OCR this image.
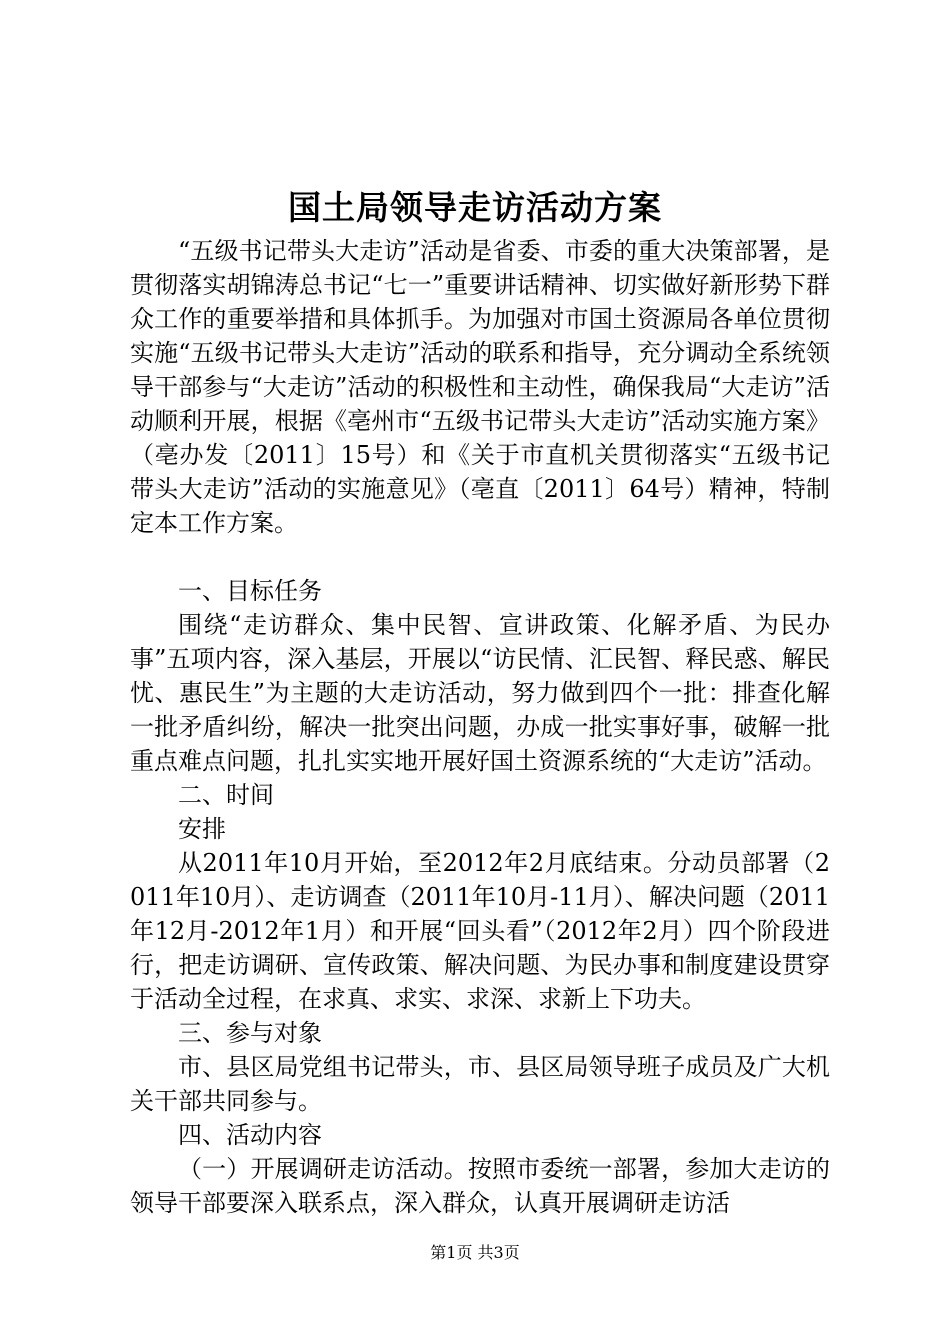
国土局领导走访活动方案

“五级书记带头大走访”活动是省委、市委的重大决策部署，是贯彻落实胡锦涛总书记“七一”重要讲话精神、切实做好新形势下群众工作的重要举措和具体抓手。为加强对市国土资源局各单位贯彻实施“五级书记带头大走访”活动的联系和指导，充分调动全系统领导干部参与“大走访”活动的积极性和主动性，确保我局“大走访”活动顺利开展，根据《亳州市“五级书记带头大走访”活动实施方案》（亳办发〔2011〕15号）和《关于市直机关贯彻落实“五级书记带头大走访”活动的实施意见》（亳直〔2011〕64号）精神，特制定本工作方案。

一、目标任务

围绕“走访群众、集中民智、宣讲政策、化解矛盾、为民办事”五项内容，深入基层，开展以“访民情、汇民智、释民惑、解民忧、惠民生”为主题的大走访活动，努力做到四个一批：排查化解一批矛盾纠纷，解决一批突出问题，办成一批实事好事，破解一批重点难点问题，扎扎实实地开展好国土资源系统的“大走访”活动。

二、时间

安排

从2011年10月开始，至2012年2月底结束。分动员部署（2011年10月）、走访调查（2011年10月-11月）、解决问题（2011年12月-2012年1月）和开展“回头看”（2012年2月）四个阶段进行，把走访调研、宣传政策、解决问题、为民办事和制度建设贯穿于活动全过程，在求真、求实、求深、求新上下功夫。

三、参与对象

市、县区局党组书记带头，市、县区局领导班子成员及广大机关干部共同参与。

四、活动内容

（一）开展调研走访活动。按照市委统一部署，参加大走访的领导干部要深入联系点，深入群众，认真开展调研走访活

第1页 共3页
